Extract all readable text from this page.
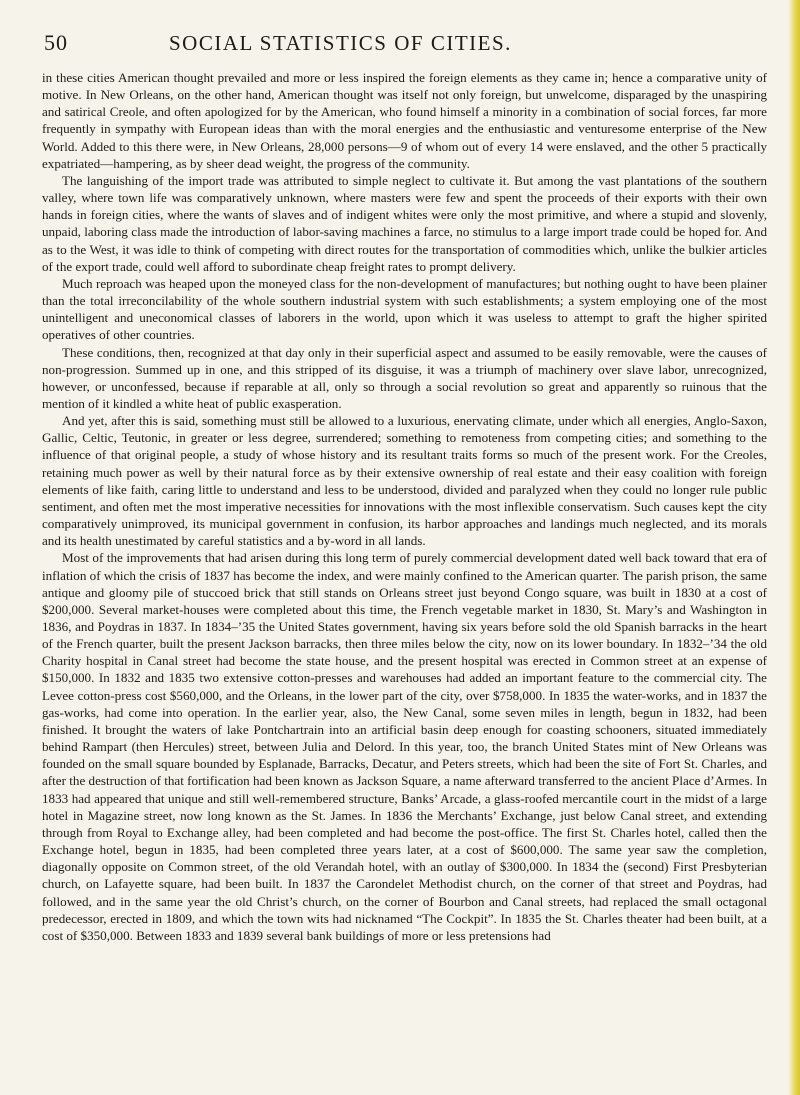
50	SOCIAL STATISTICS OF CITIES.

in these cities American thought prevailed and more or less inspired the foreign elements as they came in; hence a comparative unity of motive. In New Orleans, on the other hand, American thought was itself not only foreign, but unwelcome, disparaged by the unaspiring and satirical Creole, and often apologized for by the American, who found himself a minority in a combination of social forces, far more frequently in sympathy with European ideas than with the moral energies and the enthusiastic and venturesome enterprise of the New World. Added to this there were, in New Orleans, 28,000 persons—9 of whom out of every 14 were enslaved, and the other 5 practically expatriated—hampering, as by sheer dead weight, the progress of the community.

The languishing of the import trade was attributed to simple neglect to cultivate it. But among the vast plantations of the southern valley, where town life was comparatively unknown, where masters were few and spent the proceeds of their exports with their own hands in foreign cities, where the wants of slaves and of indigent whites were only the most primitive, and where a stupid and slovenly, unpaid, laboring class made the introduction of labor-saving machines a farce, no stimulus to a large import trade could be hoped for. And as to the West, it was idle to think of competing with direct routes for the transportation of commodities which, unlike the bulkier articles of the export trade, could well afford to subordinate cheap freight rates to prompt delivery.

Much reproach was heaped upon the moneyed class for the non-development of manufactures; but nothing ought to have been plainer than the total irreconcilability of the whole southern industrial system with such establishments; a system employing one of the most unintelligent and uneconomical classes of laborers in the world, upon which it was useless to attempt to graft the higher spirited operatives of other countries.

These conditions, then, recognized at that day only in their superficial aspect and assumed to be easily removable, were the causes of non-progression. Summed up in one, and this stripped of its disguise, it was a triumph of machinery over slave labor, unrecognized, however, or unconfessed, because if reparable at all, only so through a social revolution so great and apparently so ruinous that the mention of it kindled a white heat of public exasperation.

And yet, after this is said, something must still be allowed to a luxurious, enervating climate, under which all energies, Anglo-Saxon, Gallic, Celtic, Teutonic, in greater or less degree, surrendered; something to remoteness from competing cities; and something to the influence of that original people, a study of whose history and its resultant traits forms so much of the present work. For the Creoles, retaining much power as well by their natural force as by their extensive ownership of real estate and their easy coalition with foreign elements of like faith, caring little to understand and less to be understood, divided and paralyzed when they could no longer rule public sentiment, and often met the most imperative necessities for innovations with the most inflexible conservatism. Such causes kept the city comparatively unimproved, its municipal government in confusion, its harbor approaches and landings much neglected, and its morals and its health unestimated by careful statistics and a by-word in all lands.

Most of the improvements that had arisen during this long term of purely commercial development dated well back toward that era of inflation of which the crisis of 1837 has become the index, and were mainly confined to the American quarter. The parish prison, the same antique and gloomy pile of stuccoed brick that still stands on Orleans street just beyond Congo square, was built in 1830 at a cost of $200,000. Several market-houses were completed about this time, the French vegetable market in 1830, St. Mary’s and Washington in 1836, and Poydras in 1837. In 1834–’35 the United States government, having six years before sold the old Spanish barracks in the heart of the French quarter, built the present Jackson barracks, then three miles below the city, now on its lower boundary. In 1832–’34 the old Charity hospital in Canal street had become the state house, and the present hospital was erected in Common street at an expense of $150,000. In 1832 and 1835 two extensive cotton-presses and warehouses had added an important feature to the commercial city. The Levee cotton-press cost $560,000, and the Orleans, in the lower part of the city, over $758,000. In 1835 the water-works, and in 1837 the gas-works, had come into operation. In the earlier year, also, the New Canal, some seven miles in length, begun in 1832, had been finished. It brought the waters of lake Pontchartrain into an artificial basin deep enough for coasting schooners, situated immediately behind Rampart (then Hercules) street, between Julia and Delord. In this year, too, the branch United States mint of New Orleans was founded on the small square bounded by Esplanade, Barracks, Decatur, and Peters streets, which had been the site of Fort St. Charles, and after the destruction of that fortification had been known as Jackson Square, a name afterward transferred to the ancient Place d’Armes. In 1833 had appeared that unique and still well-remembered structure, Banks’ Arcade, a glass-roofed mercantile court in the midst of a large hotel in Magazine street, now long known as the St. James. In 1836 the Merchants’ Exchange, just below Canal street, and extending through from Royal to Exchange alley, had been completed and had become the post-office. The first St. Charles hotel, called then the Exchange hotel, begun in 1835, had been completed three years later, at a cost of $600,000. The same year saw the completion, diagonally opposite on Common street, of the old Verandah hotel, with an outlay of $300,000. In 1834 the (second) First Presbyterian church, on Lafayette square, had been built. In 1837 the Carondelet Methodist church, on the corner of that street and Poydras, had followed, and in the same year the old Christ’s church, on the corner of Bourbon and Canal streets, had replaced the small octagonal predecessor, erected in 1809, and which the town wits had nicknamed “The Cockpit”. In 1835 the St. Charles theater had been built, at a cost of $350,000. Between 1833 and 1839 several bank buildings of more or less pretensions had
